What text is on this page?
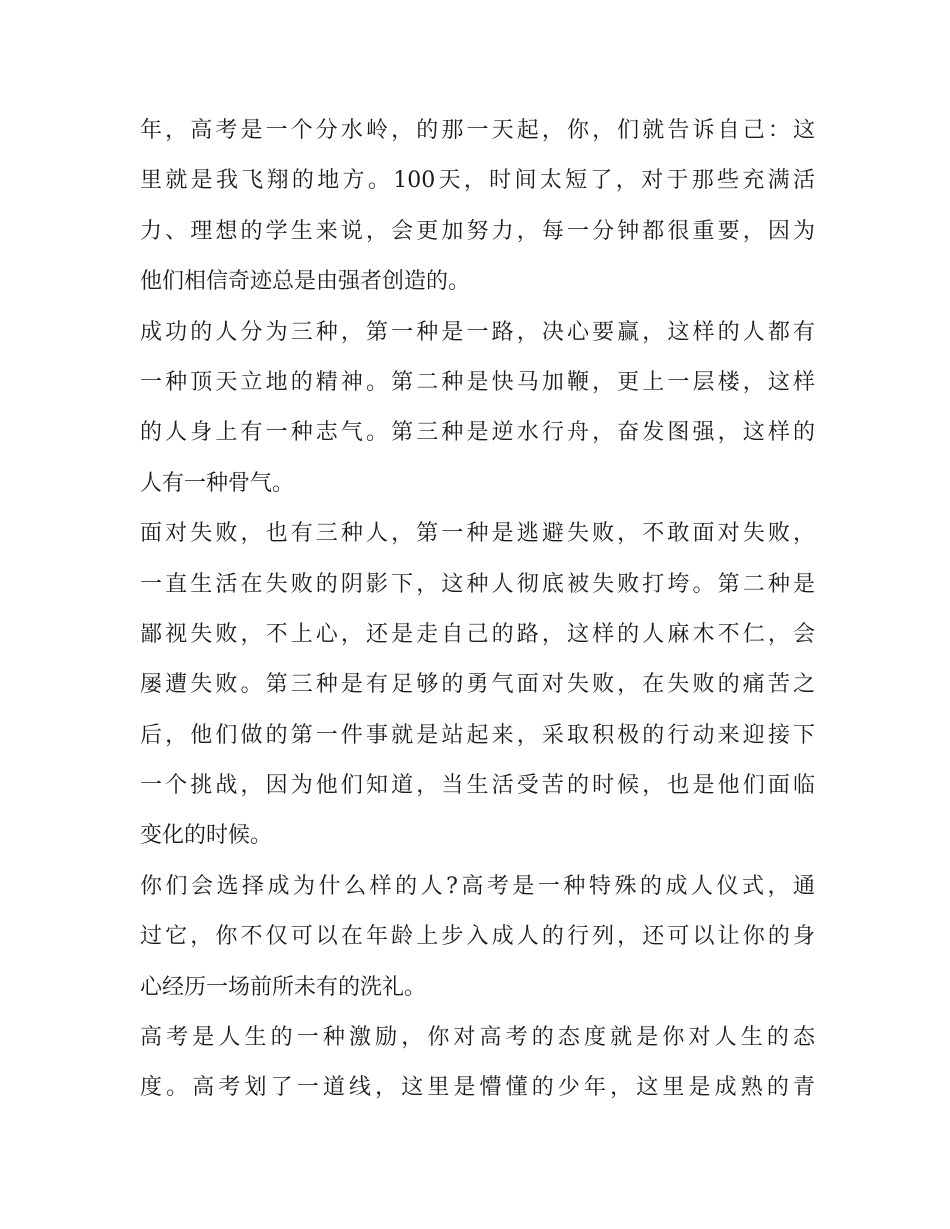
年，高考是一个分水岭，的那一天起，你，们就告诉自己：这
里就是我飞翔的地方。100天，时间太短了，对于那些充满活
力、理想的学生来说，会更加努力，每一分钟都很重要，因为
他们相信奇迹总是由强者创造的。
成功的人分为三种，第一种是一路，决心要赢，这样的人都有
一种顶天立地的精神。第二种是快马加鞭，更上一层楼，这样
的人身上有一种志气。第三种是逆水行舟，奋发图强，这样的
人有一种骨气。
面对失败，也有三种人，第一种是逃避失败，不敢面对失败，
一直生活在失败的阴影下，这种人彻底被失败打垮。第二种是
鄙视失败，不上心，还是走自己的路，这样的人麻木不仁，会
屡遭失败。第三种是有足够的勇气面对失败，在失败的痛苦之
后，他们做的第一件事就是站起来，采取积极的行动来迎接下
一个挑战，因为他们知道，当生活受苦的时候，也是他们面临
变化的时候。
你们会选择成为什么样的人?高考是一种特殊的成人仪式，通
过它，你不仅可以在年龄上步入成人的行列，还可以让你的身
心经历一场前所未有的洗礼。
高考是人生的一种激励，你对高考的态度就是你对人生的态
度。高考划了一道线，这里是懵懂的少年，这里是成熟的青
